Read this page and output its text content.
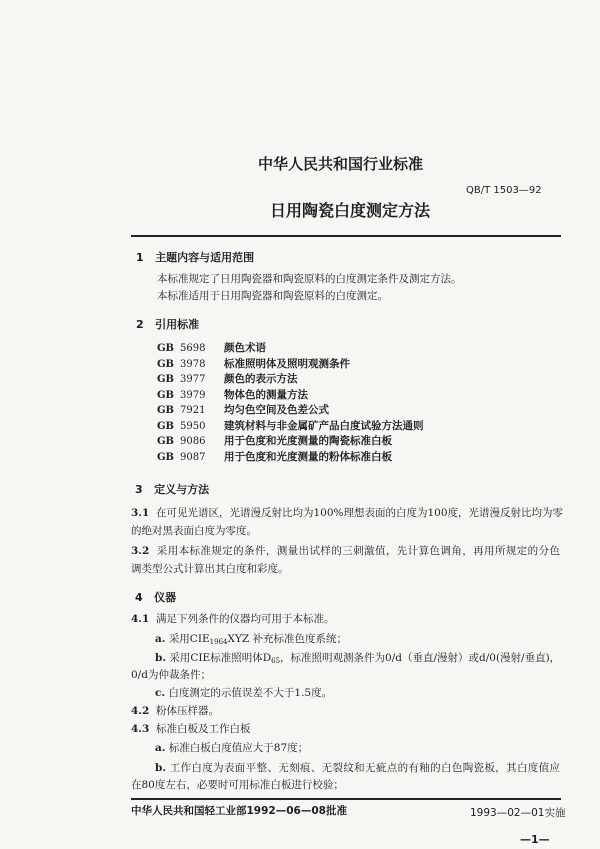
中华人民共和国行业标准
QB/T 1503—92
日用陶瓷白度测定方法
1 主题内容与适用范围
本标准规定了日用陶瓷器和陶瓷原料的白度测定条件及测定方法。
本标准适用于日用陶瓷器和陶瓷原料的白度测定。
2 引用标准
GB 5698 颜色术语
GB 3978 标准照明体及照明观测条件
GB 3977 颜色的表示方法
GB 3979 物体色的测量方法
GB 7921 均匀色空间及色差公式
GB 5950 建筑材料与非金属矿产品白度试验方法通则
GB 9086 用于色度和光度测量的陶瓷标准白板
GB 9087 用于色度和光度测量的粉体标准白板
3 定义与方法
3.1 在可见光谱区，光谱漫反射比均为100%理想表面的白度为100度，光谱漫反射比均为零
的绝对黑表面白度为零度。
3.2 采用本标准规定的条件，测量出试样的三刺激值，先计算色调角，再用所规定的分色
调类型公式计算出其白度和彩度。
4 仪器
4.1 满足下列条件的仪器均可用于本标准。
a. 采用$CIE_{1964}XYZ$ 补充标准色度系统；
b. 采用CIE标准照明体$D_{65}$，标准照明观测条件为0/d（垂直/漫射）或d/0(漫射/垂直)，
0/d为仲裁条件；
c. 白度测定的示值误差不大于1.5度。
4.2 粉体压样器。
4.3 标准白板及工作白板
a. 标准白板白度值应大于87度；
b. 工作白度为表面平整、无刻痕、无裂纹和无疵点的有釉的白色陶瓷板，其白度值应
在80度左右，必要时可用标准白板进行校验；
中华人民共和国轻工业部1992—06—08批准	1993—02—01实施
—1—
